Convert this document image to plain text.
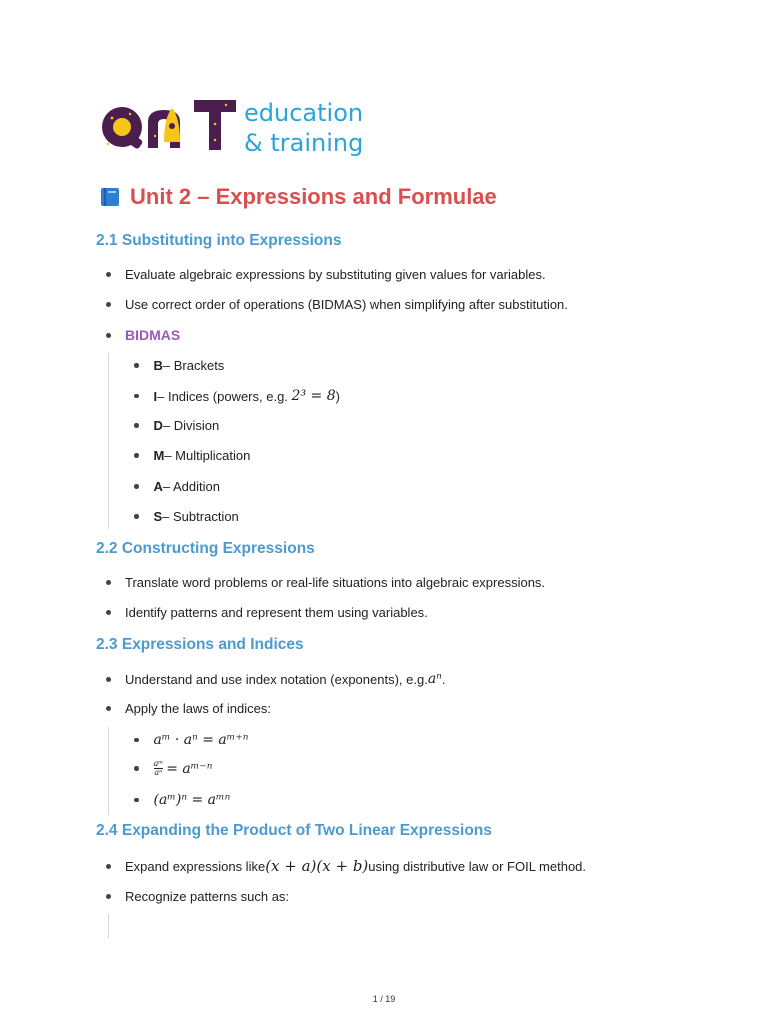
education
& training
Unit 2 – Expressions and Formulae
2.1 Substituting into Expressions
Evaluate algebraic expressions by substituting given values for variables.
Use correct order of operations (BIDMAS) when simplifying after substitution.
BIDMAS
B – Brackets
I – Indices (powers, e.g.
2³ = 8 )
D – Division
M – Multiplication
A – Addition
S – Subtraction
2.2 Constructing Expressions
Translate word problems or real-life situations into algebraic expressions.
Identify patterns and represent them using variables.
2.3 Expressions and Indices
Understand and use index notation (exponents), e.g. aⁿ .
Apply the laws of indices:
aᵐ · aⁿ = aᵐ⁺ⁿ
$\frac{\text{aᵐ}}{\text{aⁿ}}$ = aᵐ⁻ⁿ
(aᵐ)ⁿ = aᵐⁿ
2.4 Expanding the Product of Two Linear Expressions
Expand expressions like (x + a)(x + b) using distributive law or FOIL method.
Recognize patterns such as:
1 / 19
